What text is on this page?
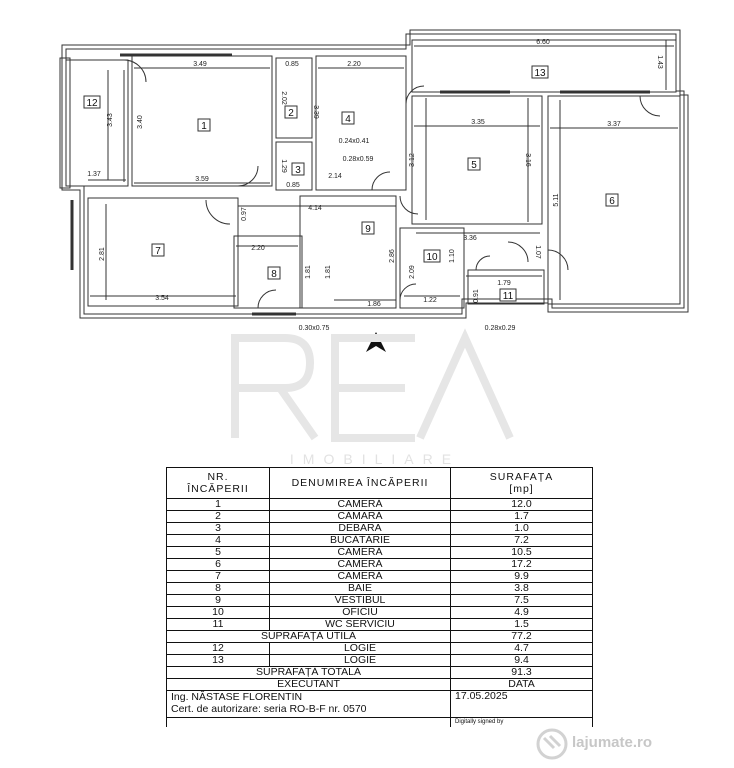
1
2
3
4
5
6
7
8
9
10
11
12
13
3.49	0.85	2.20
6.60
1.43
3.43	3.40
2.02
3.39
3.35	3.37
0.24x0.41
1.29	0.28x0.59	3.12	3.16
5.11
1.37
3.59
0.85
2.14
0.97	4.14
3.36
1.07
2.20
2.81
1.81 1.81
2.86
2.09
1.10
1.79
0.91
3.54
1.86
1.22
0.30x0.75	0.28x0.29
IMOBILIARE
NR.
ÎNCĂPERII	DENUMIREA ÎNCĂPERII	SURAFAȚA
[mp]
1	CAMERĂ	12.0
2	CĂMARĂ	1.7
3	DEBARA	1.0
4	BUCĂTĂRIE	7.2
5	CAMERĂ	10.5
6	CAMERĂ	17.2
7	CAMERĂ	9.9
8	BAIE	3.8
9	VESTIBUL	7.5
10	OFICIU	4.9
11	WC SERVICIU	1.5
SUPRAFAȚĂ UTILĂ		77.2
12	LOGIE	4.7
13	LOGIE	9.4
SUPRAFAȚĂ TOTALĂ		91.3
EXECUTANT		DATA

Ing. NĂSTASE FLORENTIN
Cert. de autorizare: seria RO-B-F nr. 0570		17.05.2025
		Digitally signed by
lajumate.ro
